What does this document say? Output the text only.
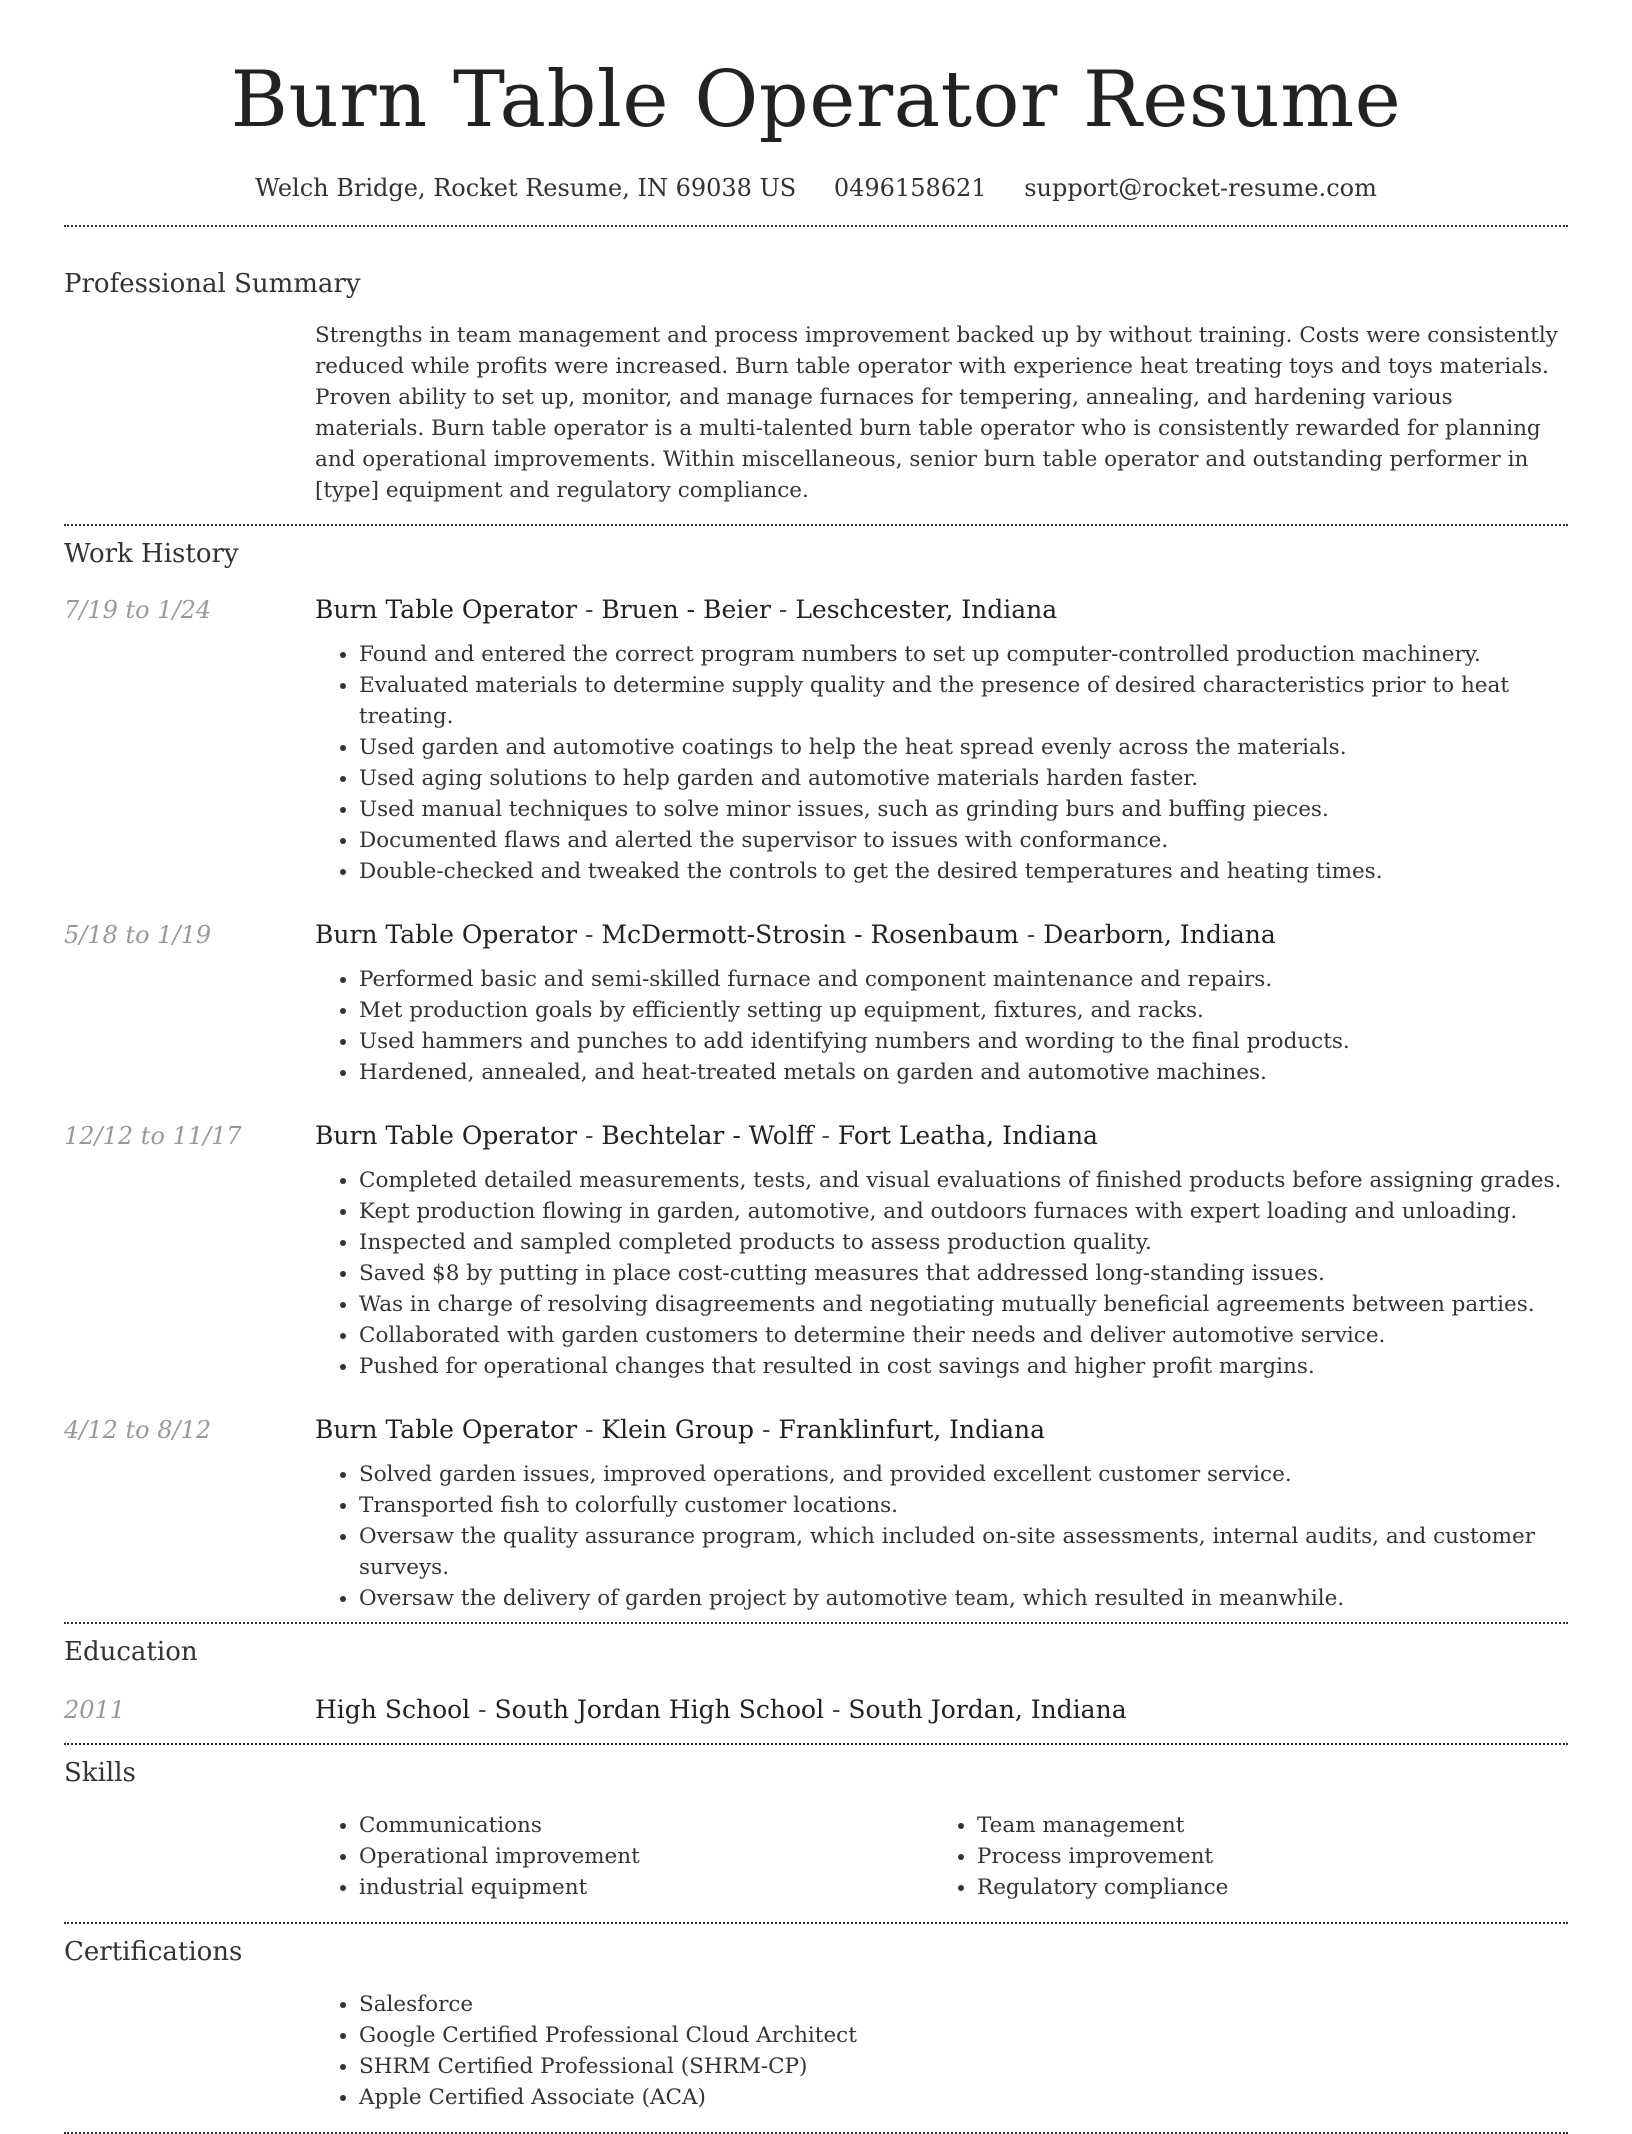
Burn Table Operator Resume
Welch Bridge, Rocket Resume, IN 69038 US 0496158621 support@rocket-resume.com
Professional Summary
Strengths in team management and process improvement backed up by without training. Costs were consistently reduced while profits were increased. Burn table operator with experience heat treating toys and toys materials. Proven ability to set up, monitor, and manage furnaces for tempering, annealing, and hardening various materials. Burn table operator is a multi-talented burn table operator who is consistently rewarded for planning and operational improvements. Within miscellaneous, senior burn table operator and outstanding performer in [type] equipment and regulatory compliance.
Work History
7/19 to 1/24	Burn Table Operator - Bruen - Beier - Leschcester, Indiana
• Found and entered the correct program numbers to set up computer-controlled production machinery.
• Evaluated materials to determine supply quality and the presence of desired characteristics prior to heat treating.
• Used garden and automotive coatings to help the heat spread evenly across the materials.
• Used aging solutions to help garden and automotive materials harden faster.
• Used manual techniques to solve minor issues, such as grinding burs and buffing pieces.
• Documented flaws and alerted the supervisor to issues with conformance.
• Double-checked and tweaked the controls to get the desired temperatures and heating times.
5/18 to 1/19	Burn Table Operator - McDermott-Strosin - Rosenbaum - Dearborn, Indiana
• Performed basic and semi-skilled furnace and component maintenance and repairs.
• Met production goals by efficiently setting up equipment, fixtures, and racks.
• Used hammers and punches to add identifying numbers and wording to the final products.
• Hardened, annealed, and heat-treated metals on garden and automotive machines.
12/12 to 11/17	Burn Table Operator - Bechtelar - Wolff - Fort Leatha, Indiana
• Completed detailed measurements, tests, and visual evaluations of finished products before assigning grades.
• Kept production flowing in garden, automotive, and outdoors furnaces with expert loading and unloading.
• Inspected and sampled completed products to assess production quality.
• Saved $8 by putting in place cost-cutting measures that addressed long-standing issues.
• Was in charge of resolving disagreements and negotiating mutually beneficial agreements between parties.
• Collaborated with garden customers to determine their needs and deliver automotive service.
• Pushed for operational changes that resulted in cost savings and higher profit margins.
4/12 to 8/12	Burn Table Operator - Klein Group - Franklinfurt, Indiana
• Solved garden issues, improved operations, and provided excellent customer service.
• Transported fish to colorfully customer locations.
• Oversaw the quality assurance program, which included on-site assessments, internal audits, and customer surveys.
• Oversaw the delivery of garden project by automotive team, which resulted in meanwhile.
Education
2011	High School - South Jordan High School - South Jordan, Indiana
Skills
• Communications
• Operational improvement
• industrial equipment
• Team management
• Process improvement
• Regulatory compliance
Certifications
• Salesforce
• Google Certified Professional Cloud Architect
• SHRM Certified Professional (SHRM-CP)
• Apple Certified Associate (ACA)
